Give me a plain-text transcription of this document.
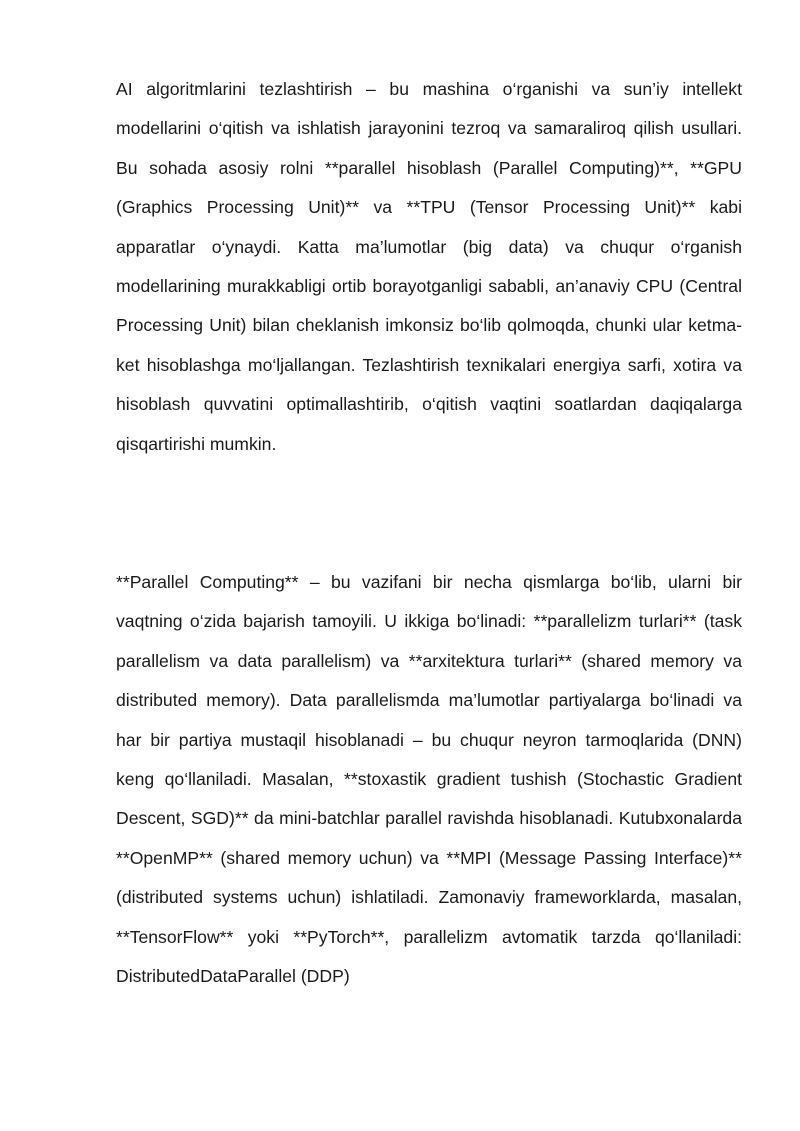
AI algoritmlarini tezlashtirish – bu mashina o‘rganishi va sun’iy intellekt modellarini o‘qitish va ishlatish jarayonini tezroq va samaraliroq qilish usullari. Bu sohada asosiy rolni **parallel hisoblash (Parallel Computing)**, **GPU (Graphics Processing Unit)** va **TPU (Tensor Processing Unit)** kabi apparatlar o‘ynaydi. Katta ma’lumotlar (big data) va chuqur o‘rganish modellarining murakkabligi ortib borayotganligi sababli, an’anaviy CPU (Central Processing Unit) bilan cheklanish imkonsiz bo‘lib qolmoqda, chunki ular ketma-ket hisoblashga mo‘ljallangan. Tezlashtirish texnikalari energiya sarfi, xotira va hisoblash quvvatini optimallashtirib, o‘qitish vaqtini soatlardan daqiqalarga qisqartirishi mumkin.

**Parallel Computing** – bu vazifani bir necha qismlarga bo‘lib, ularni bir vaqtning o‘zida bajarish tamoyili. U ikkiga bo‘linadi: **parallelizm turlari** (task parallelism va data parallelism) va **arxitektura turlari** (shared memory va distributed memory). Data parallelismda ma’lumotlar partiyalarga bo‘linadi va har bir partiya mustaqil hisoblanadi – bu chuqur neyron tarmoqlarida (DNN) keng qo‘llaniladi. Masalan, **stoxastik gradient tushish (Stochastic Gradient Descent, SGD)** da mini-batchlar parallel ravishda hisoblanadi. Kutubxonalarda **OpenMP** (shared memory uchun) va **MPI (Message Passing Interface)** (distributed systems uchun) ishlatiladi. Zamonaviy frameworklarda, masalan, **TensorFlow** yoki **PyTorch**, parallelizm avtomatik tarzda qo‘llaniladi: DistributedDataParallel (DDP)
